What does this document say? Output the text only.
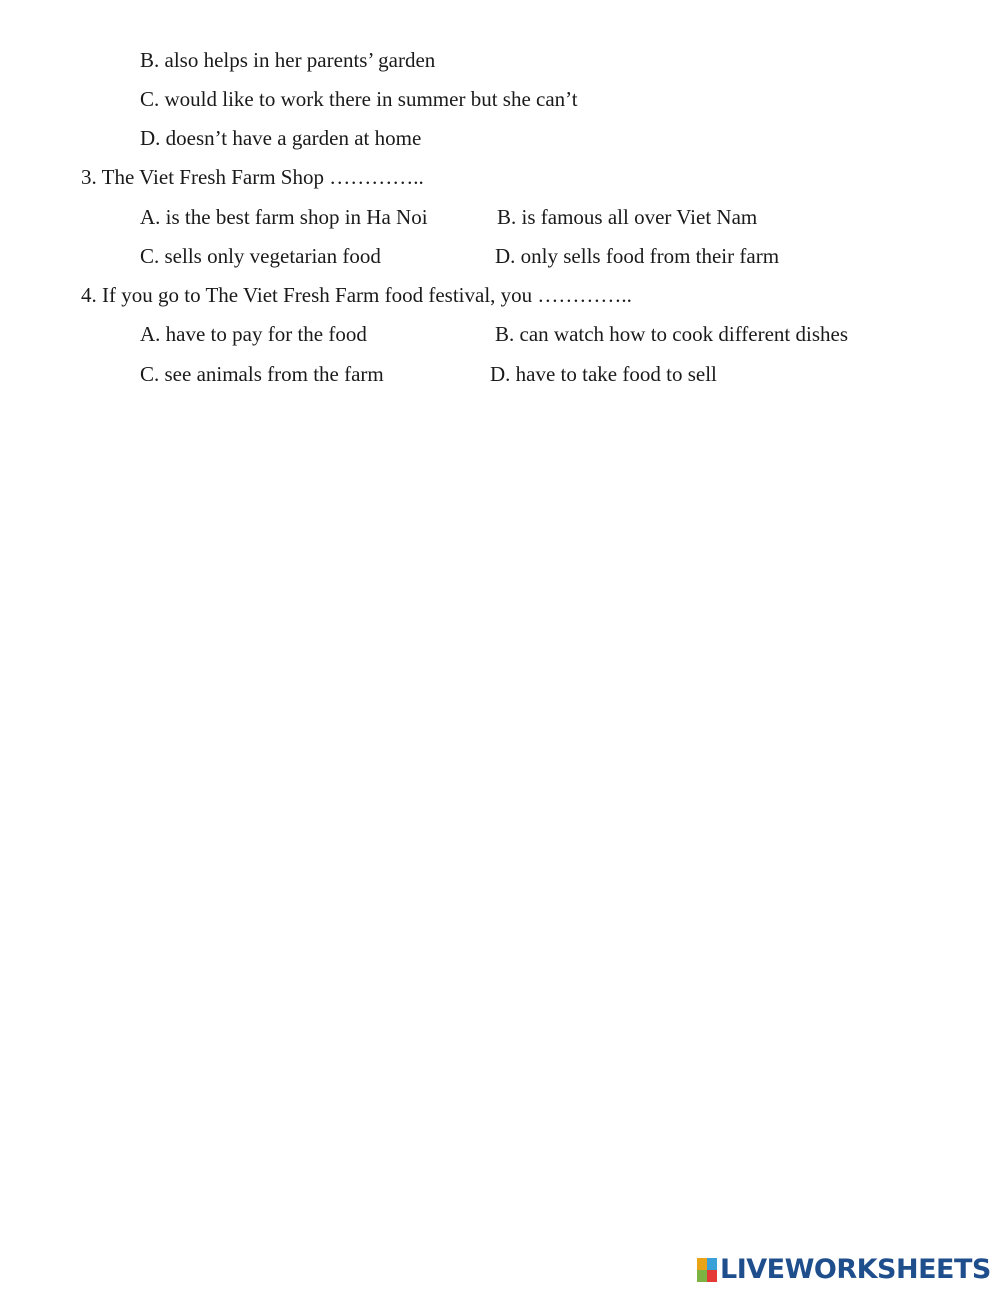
B. also helps in her parents’ garden
C. would like to work there in summer but she can’t
D. doesn’t have a garden at home
3. The Viet Fresh Farm Shop …………..
A. is the best farm shop in Ha Noi	B. is famous all over Viet Nam
C. sells only vegetarian food	D. only sells food from their farm
4. If you go to The Viet Fresh Farm food festival, you …………..
A. have to pay for the food	B. can watch how to cook different dishes
C. see animals from the farm	D. have to take food to sell
LIVEWORKSHEETS
